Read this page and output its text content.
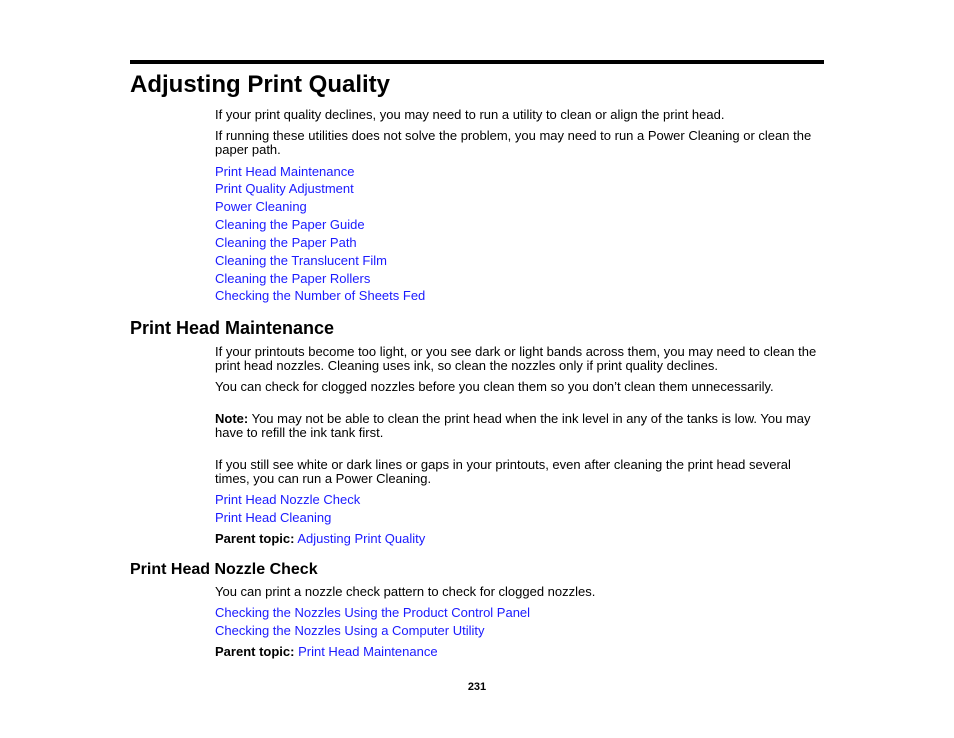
Adjusting Print Quality

If your print quality declines, you may need to run a utility to clean or align the print head.

If running these utilities does not solve the problem, you may need to run a Power Cleaning or clean the paper path.

Print Head Maintenance
Print Quality Adjustment
Power Cleaning
Cleaning the Paper Guide
Cleaning the Paper Path
Cleaning the Translucent Film
Cleaning the Paper Rollers
Checking the Number of Sheets Fed
Print Head Maintenance

If your printouts become too light, or you see dark or light bands across them, you may need to clean the print head nozzles. Cleaning uses ink, so clean the nozzles only if print quality declines.

You can check for clogged nozzles before you clean them so you don’t clean them unnecessarily.

Note: You may not be able to clean the print head when the ink level in any of the tanks is low. You may have to refill the ink tank first.

If you still see white or dark lines or gaps in your printouts, even after cleaning the print head several times, you can run a Power Cleaning.

Print Head Nozzle Check
Print Head Cleaning

Parent topic: Adjusting Print Quality

Print Head Nozzle Check

You can print a nozzle check pattern to check for clogged nozzles.

Checking the Nozzles Using the Product Control Panel
Checking the Nozzles Using a Computer Utility

Parent topic: Print Head Maintenance

231
